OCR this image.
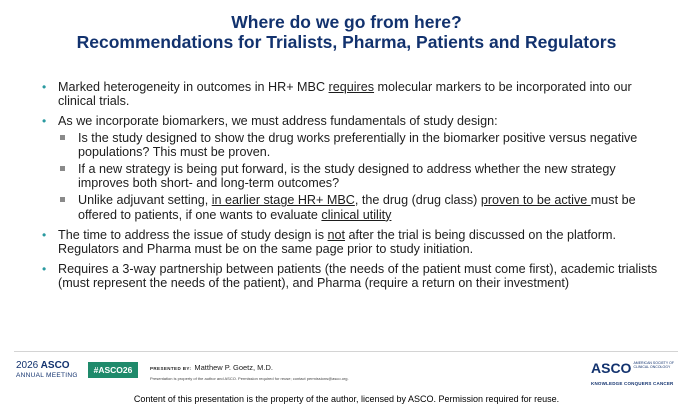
Where do we go from here?
Recommendations for Trialists, Pharma, Patients and Regulators
• Marked heterogeneity in outcomes in HR+ MBC requires molecular markers to be incorporated into our clinical trials.
• As we incorporate biomarkers, we must address fundamentals of study design:
Is the study designed to show the drug works preferentially in the biomarker positive versus negative populations? This must be proven.
If a new strategy is being put forward, is the study designed to address whether the new strategy improves both short- and long-term outcomes?
Unlike adjuvant setting, in earlier stage HR+ MBC, the drug (drug class) proven to be active must be offered to patients, if one wants to evaluate clinical utility
• The time to address the issue of study design is not after the trial is being discussed on the platform. Regulators and Pharma must be on the same page prior to study initiation.
• Requires a 3-way partnership between patients (the needs of the patient must come first), academic trialists (must represent the needs of the patient), and Pharma (require a return on their investment)
2026 ASCO
ANNUAL MEETING
#ASCO26	PRESENTED BY: Matthew P. Goetz, M.D.
Presentation is property of the author and ASCO. Permission required for reuse; contact permissions@asco.org.
ASCO AMERICAN SOCIETY OF CLINICAL ONCOLOGY
KNOWLEDGE CONQUERS CANCER
Content of this presentation is the property of the author, licensed by ASCO. Permission required for reuse.
